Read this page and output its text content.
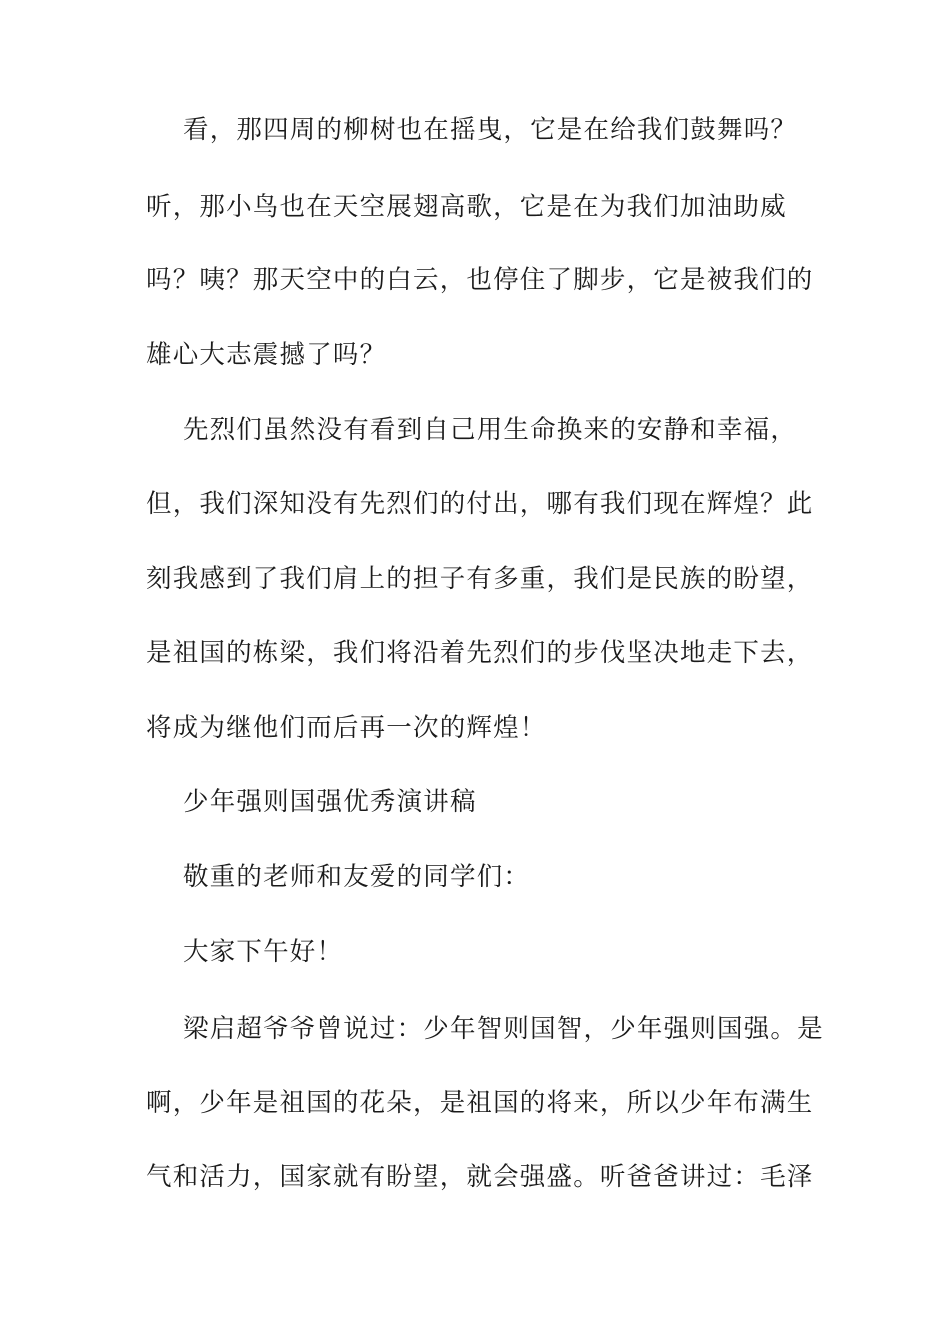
看，那四周的柳树也在摇曳，它是在给我们鼓舞吗？

听，那小鸟也在天空展翅高歌，它是在为我们加油助威

吗？咦？那天空中的白云，也停住了脚步，它是被我们的

雄心大志震撼了吗？

先烈们虽然没有看到自己用生命换来的安静和幸福，

但，我们深知没有先烈们的付出，哪有我们现在辉煌？此

刻我感到了我们肩上的担子有多重，我们是民族的盼望，

是祖国的栋梁，我们将沿着先烈们的步伐坚决地走下去，

将成为继他们而后再一次的辉煌！

少年强则国强优秀演讲稿

敬重的老师和友爱的同学们：

大家下午好！

梁启超爷爷曾说过：少年智则国智，少年强则国强。是

啊，少年是祖国的花朵，是祖国的将来，所以少年布满生

气和活力，国家就有盼望，就会强盛。听爸爸讲过：毛泽
